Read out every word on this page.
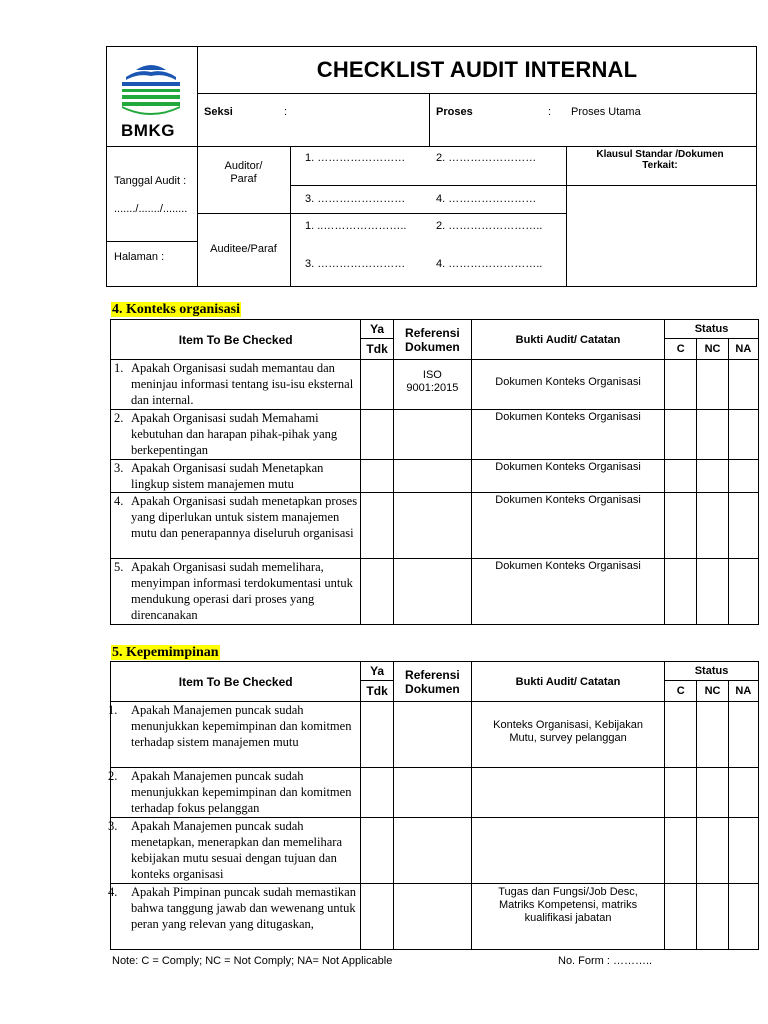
BMKG
CHECKLIST AUDIT INTERNAL
Seksi	:	Proses	: Proses Utama
Tanggal Audit :
......./......./........
Halaman :
Auditor/
Paraf
Auditee/Paraf
1. ……………………	2. ……………………
3. ……………………	4. ……………………
1. ..…………………..	2. ……………………..
3. ……………………	4. ……………………..
Klausul Standar /Dokumen Terkait:
4. Konteks organisasi
Item To Be Checked	Ya	Referensi Dokumen	Bukti Audit/ Catatan	Status		
	Tdk			C	NC	NA
1. Apakah Organisasi sudah memantau dan meninjau informasi tentang isu-isu eksternal dan internal.		ISO 9001:2015	Dokumen Konteks Organisasi			

2. Apakah Organisasi sudah Memahami kebutuhan dan harapan pihak-pihak yang berkepentingan			Dokumen Konteks Organisasi			

3. Apakah Organisasi sudah Menetapkan lingkup sistem manajemen mutu			Dokumen Konteks Organisasi			

4. Apakah Organisasi sudah menetapkan proses yang diperlukan untuk sistem manajemen mutu dan penerapannya diseluruh organisasi			Dokumen Konteks Organisasi			

5. Apakah Organisasi sudah memelihara, menyimpan informasi terdokumentasi untuk mendukung operasi dari proses yang direncanakan			Dokumen Konteks Organisasi			

5. Kepemimpinan
Item To Be Checked	Ya	Referensi Dokumen	Bukti Audit/ Catatan	Status		
	Tdk			C	NC	NA
1. Apakah Manajemen puncak sudah menunjukkan kepemimpinan dan komitmen terhadap sistem manajemen mutu			Konteks Organisasi, Kebijakan Mutu, survey pelanggan			

2. Apakah Manajemen puncak sudah menunjukkan kepemimpinan dan komitmen terhadap fokus pelanggan						

3. Apakah Manajemen puncak sudah menetapkan, menerapkan dan memelihara kebijakan mutu sesuai dengan tujuan dan konteks organisasi						

4. Apakah Pimpinan puncak sudah memastikan bahwa tanggung jawab dan wewenang untuk peran yang relevan yang ditugaskan,			Tugas dan Fungsi/Job Desc, Matriks Kompetensi, matriks kualifikasi jabatan			

Note: C = Comply; NC = Not Comply; NA= Not Applicable	No. Form : ………..
